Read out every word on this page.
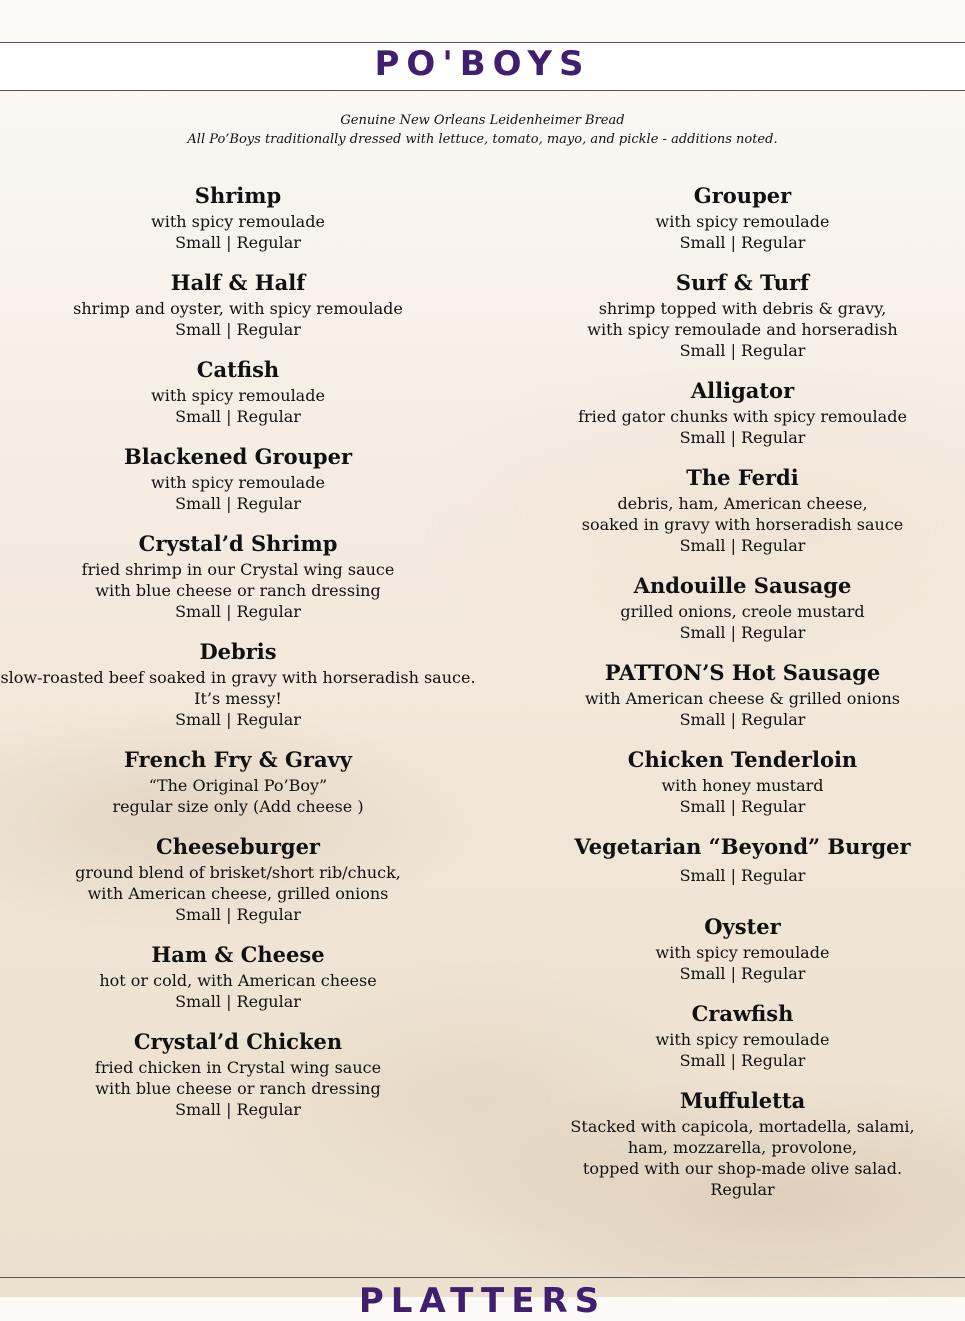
PO'BOYS
Genuine New Orleans Leidenheimer Bread
All Po’Boys traditionally dressed with lettuce, tomato, mayo, and pickle - additions noted.
Shrimp
with spicy remoulade
Small | Regular
Half & Half
shrimp and oyster, with spicy remoulade
Small | Regular
Catfish
with spicy remoulade
Small | Regular
Blackened Grouper
with spicy remoulade
Small | Regular
Crystal’d Shrimp
fried shrimp in our Crystal wing sauce
with blue cheese or ranch dressing
Small | Regular
Debris
slow-roasted beef soaked in gravy with horseradish sauce.
It’s messy!
Small | Regular
French Fry & Gravy
“The Original Po’Boy”
regular size only (Add cheese )
Cheeseburger
ground blend of brisket/short rib/chuck,
with American cheese, grilled onions
Small | Regular
Ham & Cheese
hot or cold, with American cheese
Small | Regular
Crystal’d Chicken
fried chicken in Crystal wing sauce
with blue cheese or ranch dressing
Small | Regular
Grouper
with spicy remoulade
Small | Regular
Surf & Turf
shrimp topped with debris & gravy,
with spicy remoulade and horseradish
Small | Regular
Alligator
fried gator chunks with spicy remoulade
Small | Regular
The Ferdi
debris, ham, American cheese,
soaked in gravy with horseradish sauce
Small | Regular
Andouille Sausage
grilled onions, creole mustard
Small | Regular
PATTON’S Hot Sausage
with American cheese & grilled onions
Small | Regular
Chicken Tenderloin
with honey mustard
Small | Regular
Vegetarian “Beyond” Burger
Small | Regular
Oyster
with spicy remoulade
Small | Regular
Crawfish
with spicy remoulade
Small | Regular
Muffuletta
Stacked with capicola, mortadella, salami,
ham, mozzarella, provolone,
topped with our shop-made olive salad.
Regular
PLATTERS
